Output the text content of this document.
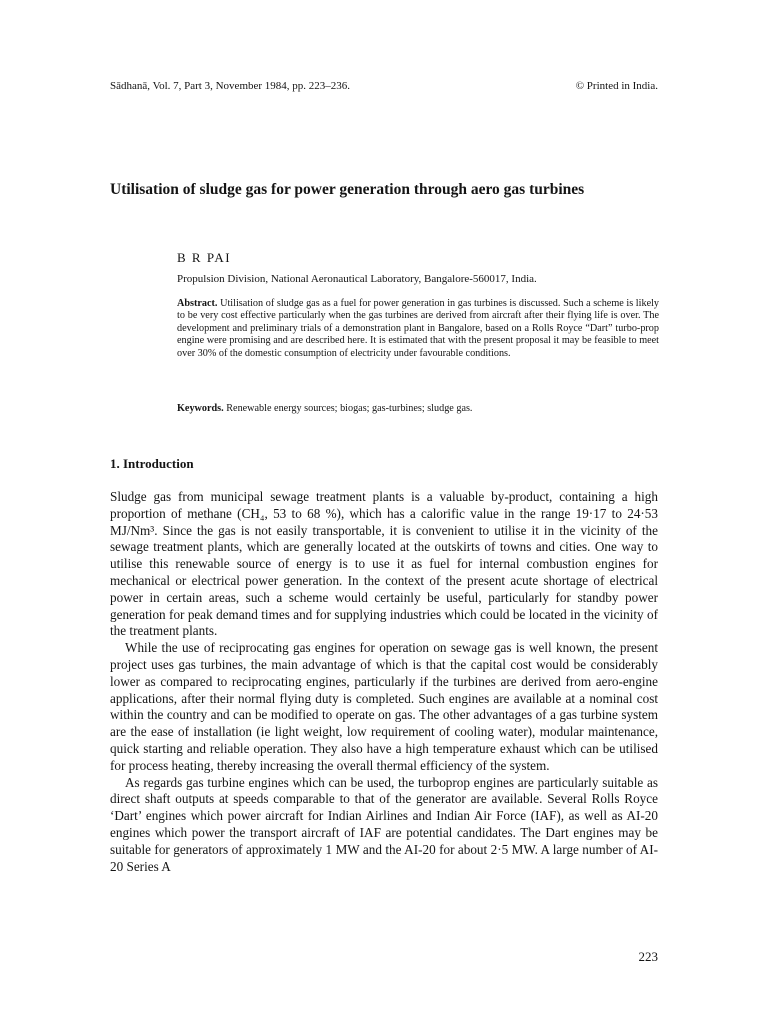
Sādhanā, Vol. 7, Part 3, November 1984, pp. 223–236.	© Printed in India.
Utilisation of sludge gas for power generation through aero gas turbines
B R PAI
Propulsion Division, National Aeronautical Laboratory, Bangalore-560017, India.

Abstract. Utilisation of sludge gas as a fuel for power generation in gas turbines is discussed. Such a scheme is likely to be very cost effective particularly when the gas turbines are derived from aircraft after their flying life is over. The development and preliminary trials of a demonstration plant in Bangalore, based on a Rolls Royce “Dart” turbo-prop engine were promising and are described here. It is estimated that with the present proposal it may be feasible to meet over 30% of the domestic consumption of electricity under favourable conditions.

Keywords. Renewable energy sources; biogas; gas-turbines; sludge gas.

1. Introduction

Sludge gas from municipal sewage treatment plants is a valuable by-product, containing a high proportion of methane (CH₄, 53 to 68 %), which has a calorific value in the range 19·17 to 24·53 MJ/Nm³. Since the gas is not easily transportable, it is convenient to utilise it in the vicinity of the sewage treatment plants, which are generally located at the outskirts of towns and cities. One way to utilise this renewable source of energy is to use it as fuel for internal combustion engines for mechanical or electrical power generation. In the context of the present acute shortage of electrical power in certain areas, such a scheme would certainly be useful, particularly for standby power generation for peak demand times and for supplying industries which could be located in the vicinity of the treatment plants.

While the use of reciprocating gas engines for operation on sewage gas is well known, the present project uses gas turbines, the main advantage of which is that the capital cost would be considerably lower as compared to reciprocating engines, particularly if the turbines are derived from aero-engine applications, after their normal flying duty is completed. Such engines are available at a nominal cost within the country and can be modified to operate on gas. The other advantages of a gas turbine system are the ease of installation (ie light weight, low requirement of cooling water), modular maintenance, quick starting and reliable operation. They also have a high temperature exhaust which can be utilised for process heating, thereby increasing the overall thermal efficiency of the system.

As regards gas turbine engines which can be used, the turboprop engines are particularly suitable as direct shaft outputs at speeds comparable to that of the generator are available. Several Rolls Royce ‘Dart’ engines which power aircraft for Indian Airlines and Indian Air Force (IAF), as well as AI-20 engines which power the transport aircraft of IAF are potential candidates. The Dart engines may be suitable for generators of approximately 1 MW and the AI-20 for about 2·5 MW. A large number of AI-20 Series A

223
